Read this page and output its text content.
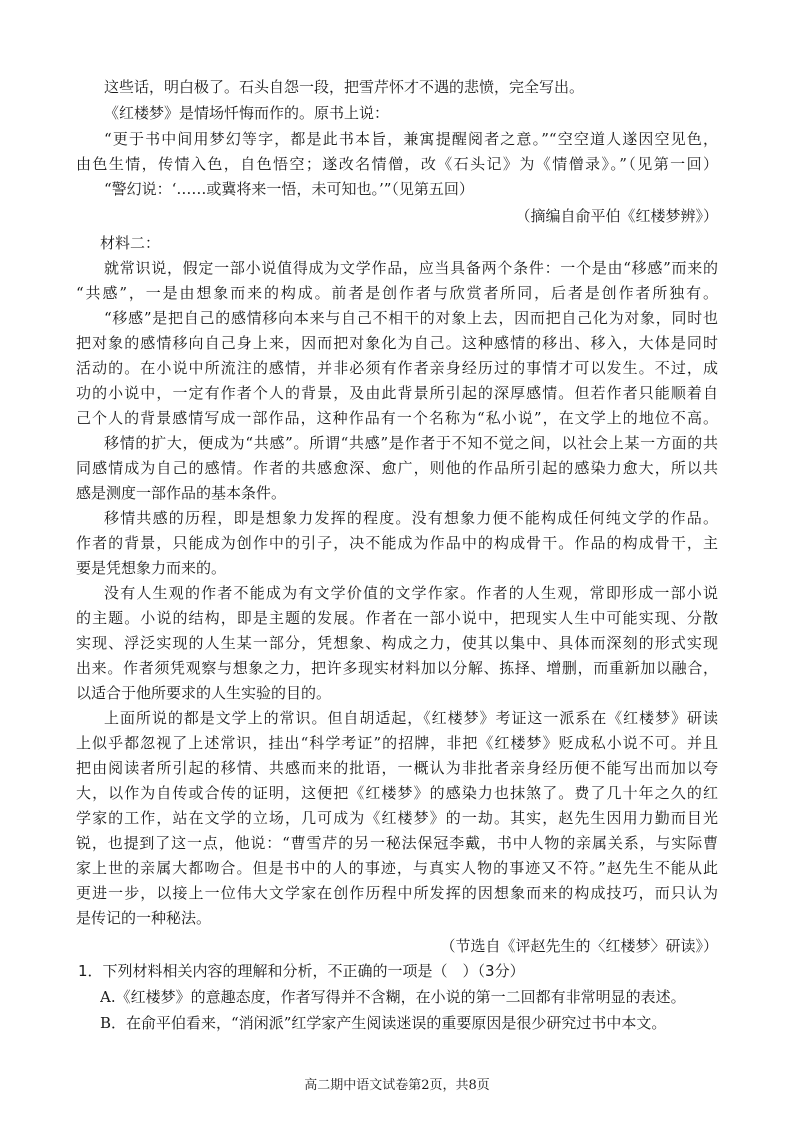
这些话，明白极了。石头自怨一段，把雪芹怀才不遇的悲愤，完全写出。
《红楼梦》是情场忏悔而作的。原书上说：
“更于书中间用梦幻等字，都是此书本旨，兼寓提醒阅者之意。”“空空道人遂因空见色，
由色生情，传情入色，自色悟空；遂改名情僧，改《石头记》为《情僧录》。”（见第一回）
“警幻说：‘……或冀将来一悟，未可知也。’”（见第五回）
（摘编自俞平伯《红楼梦辨》）
材料二：
就常识说，假定一部小说值得成为文学作品，应当具备两个条件：一个是由“移感”而来的
“共感”，一是由想象而来的构成。前者是创作者与欣赏者所同，后者是创作者所独有。
“移感”是把自己的感情移向本来与自己不相干的对象上去，因而把自己化为对象，同时也
把对象的感情移向自己身上来，因而把对象化为自己。这种感情的移出、移入，大体是同时
活动的。在小说中所流注的感情，并非必须有作者亲身经历过的事情才可以发生。不过，成
功的小说中，一定有作者个人的背景，及由此背景所引起的深厚感情。但若作者只能顺着自
己个人的背景感情写成一部作品，这种作品有一个名称为“私小说”，在文学上的地位不高。
移情的扩大，便成为“共感”。所谓“共感”是作者于不知不觉之间，以社会上某一方面的共
同感情成为自己的感情。作者的共感愈深、愈广，则他的作品所引起的感染力愈大，所以共
感是测度一部作品的基本条件。
移情共感的历程，即是想象力发挥的程度。没有想象力便不能构成任何纯文学的作品。
作者的背景，只能成为创作中的引子，决不能成为作品中的构成骨干。作品的构成骨干，主
要是凭想象力而来的。
没有人生观的作者不能成为有文学价值的文学作家。作者的人生观，常即形成一部小说
的主题。小说的结构，即是主题的发展。作者在一部小说中，把现实人生中可能实现、分散
实现、浮泛实现的人生某一部分，凭想象、构成之力，使其以集中、具体而深刻的形式实现
出来。作者须凭观察与想象之力，把许多现实材料加以分解、拣择、增删，而重新加以融合，
以适合于他所要求的人生实验的目的。
上面所说的都是文学上的常识。但自胡适起，《红楼梦》考证这一派系在《红楼梦》研读
上似乎都忽视了上述常识，挂出“科学考证”的招牌，非把《红楼梦》贬成私小说不可。并且
把由阅读者所引起的移情、共感而来的批语，一概认为非批者亲身经历便不能写出而加以夸
大，以作为自传或合传的证明，这便把《红楼梦》的感染力也抹煞了。费了几十年之久的红
学家的工作，站在文学的立场，几可成为《红楼梦》的一劫。其实，赵先生因用力勤而目光
锐，也提到了这一点，他说：“曹雪芹的另一秘法保冠李戴，书中人物的亲属关系，与实际曹
家上世的亲属大都吻合。但是书中的人的事迹，与真实人物的事迹又不符。”赵先生不能从此
更进一步，以接上一位伟大文学家在创作历程中所发挥的因想象而来的构成技巧，而只认为
是传记的一种秘法。
（节选自《评赵先生的〈红楼梦〉研读》）
1．下列材料相关内容的理解和分析，不正确的一项是（　）（3分）
A.《红楼梦》的意趣态度，作者写得并不含糊，在小说的第一二回都有非常明显的表述。
B．在俞平伯看来，“消闲派”红学家产生阅读迷误的重要原因是很少研究过书中本文。
高二期中语文试卷第2页，共8页
